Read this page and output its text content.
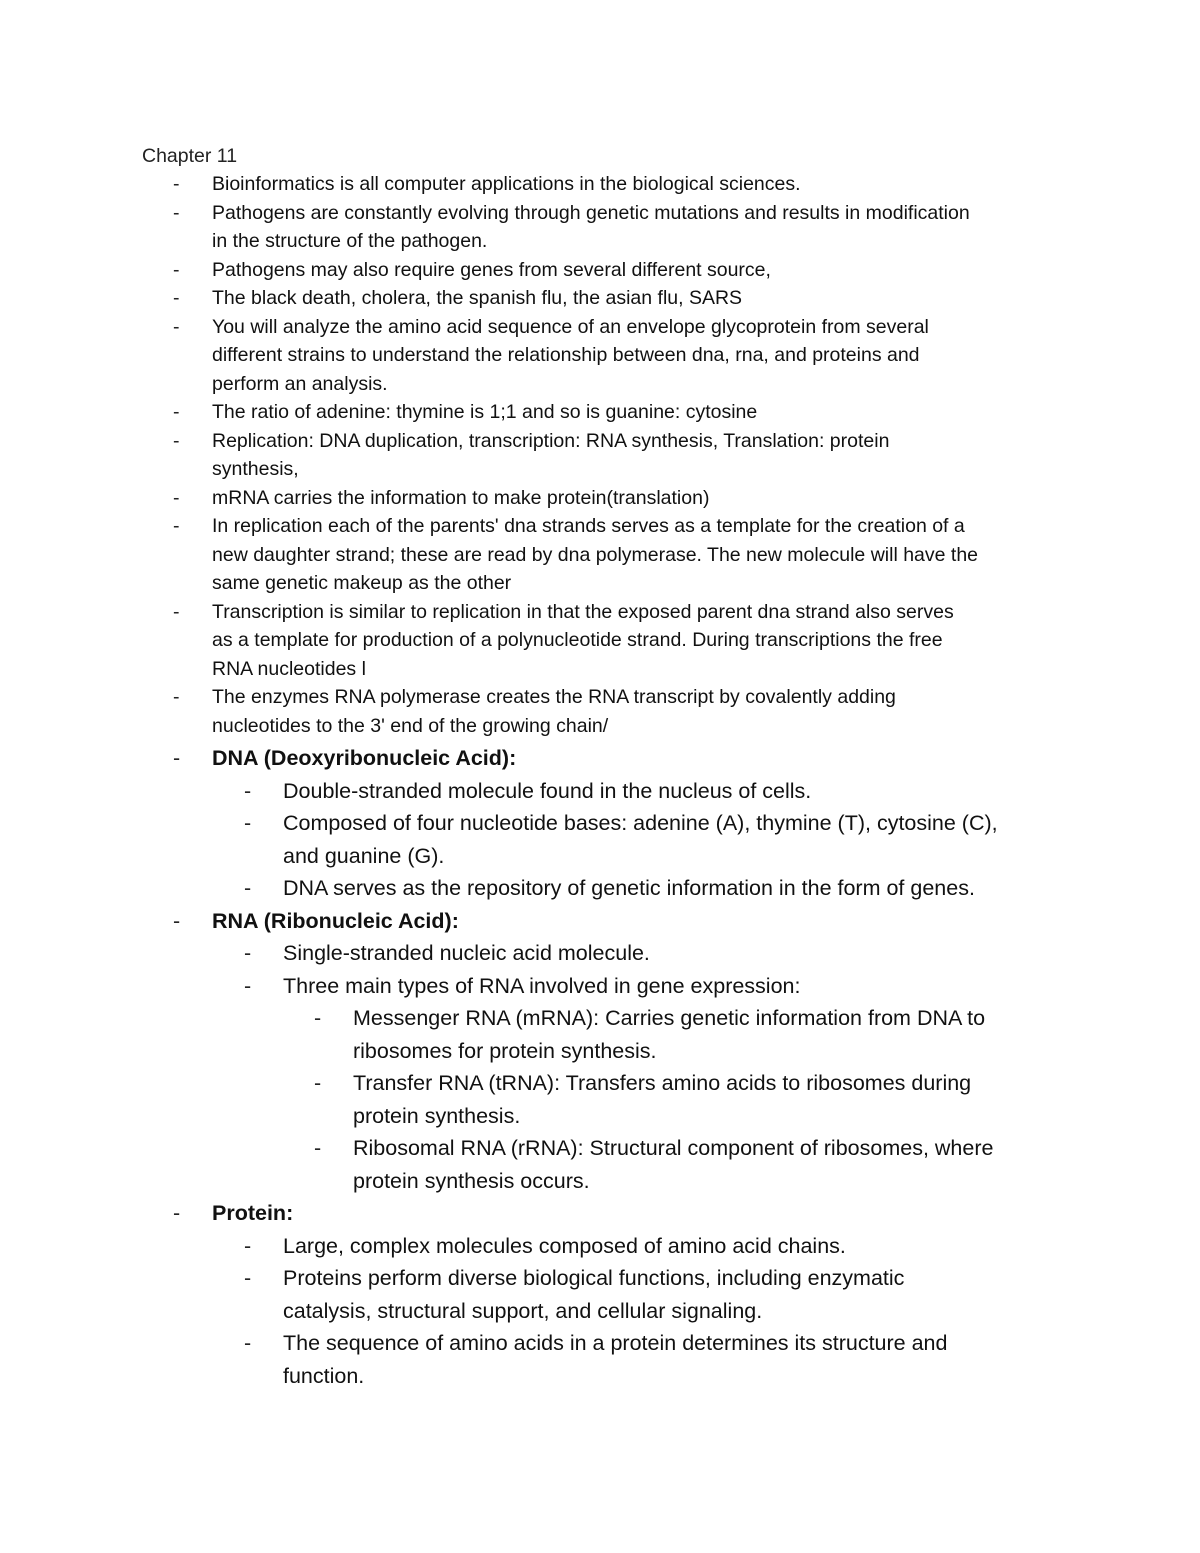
Chapter 11
- Bioinformatics is all computer applications in the biological sciences.
- Pathogens are constantly evolving through genetic mutations and results in modification
in the structure of the pathogen.
- Pathogens may also require genes from several different source,
- The black death, cholera, the spanish flu, the asian flu, SARS
- You will analyze the amino acid sequence of an envelope glycoprotein from several
different strains to understand the relationship between dna, rna, and proteins and
perform an analysis.
- The ratio of adenine: thymine is 1;1 and so is guanine: cytosine
- Replication: DNA duplication, transcription: RNA synthesis, Translation: protein
synthesis,
- mRNA carries the information to make protein(translation)
- In replication each of the parents' dna strands serves as a template for the creation of a
new daughter strand; these are read by dna polymerase. The new molecule will have the
same genetic makeup as the other
- Transcription is similar to replication in that the exposed parent dna strand also serves
as a template for production of a polynucleotide strand. During transcriptions the free
RNA nucleotides l
- The enzymes RNA polymerase creates the RNA transcript by covalently adding
nucleotides to the 3' end of the growing chain/
- DNA (Deoxyribonucleic Acid):
- Double-stranded molecule found in the nucleus of cells.
- Composed of four nucleotide bases: adenine (A), thymine (T), cytosine (C),
and guanine (G).
- DNA serves as the repository of genetic information in the form of genes.
- RNA (Ribonucleic Acid):
- Single-stranded nucleic acid molecule.
- Three main types of RNA involved in gene expression:
- Messenger RNA (mRNA): Carries genetic information from DNA to
ribosomes for protein synthesis.
- Transfer RNA (tRNA): Transfers amino acids to ribosomes during
protein synthesis.
- Ribosomal RNA (rRNA): Structural component of ribosomes, where
protein synthesis occurs.
- Protein:
- Large, complex molecules composed of amino acid chains.
- Proteins perform diverse biological functions, including enzymatic
catalysis, structural support, and cellular signaling.
- The sequence of amino acids in a protein determines its structure and
function.
